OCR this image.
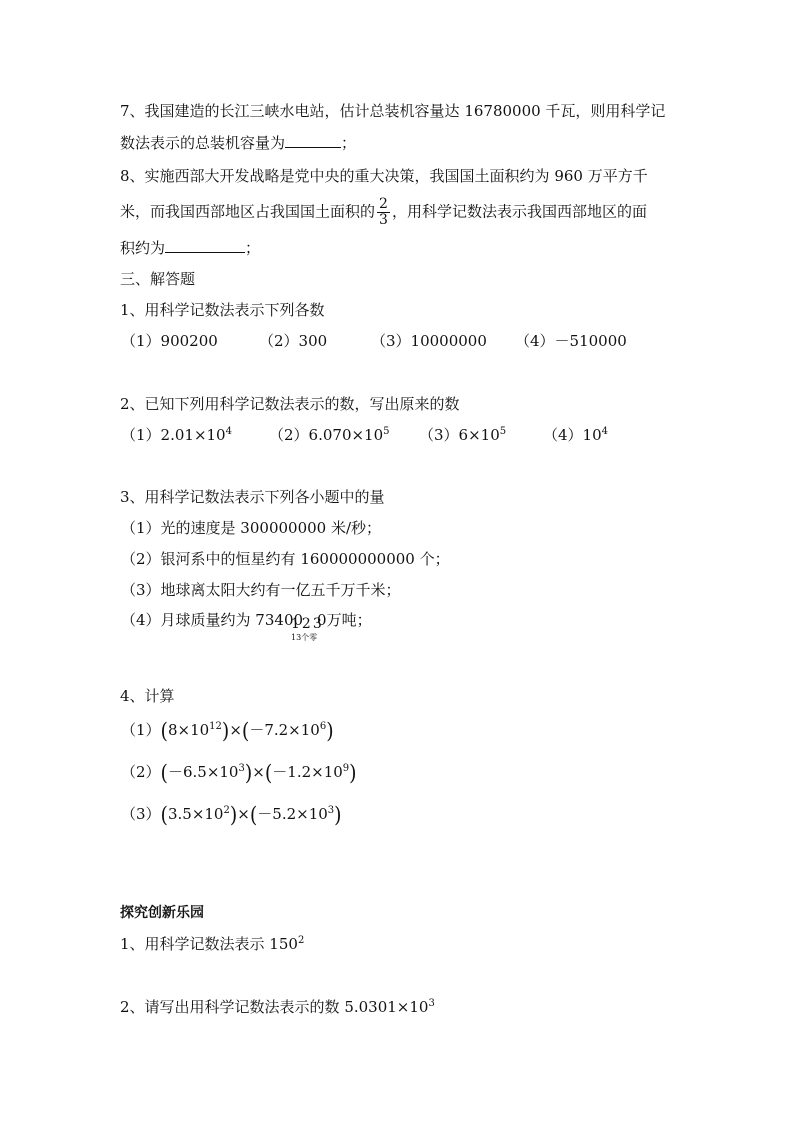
7、我国建造的长江三峡水电站，估计总装机容量达 16780000 千瓦，则用科学记
数法表示的总装机容量为	；
8、实施西部大开发战略是党中央的重大决策，我国国土面积约为 960 万平方千
米，而我国西部地区占我国国土面积的 $\frac{2}{3}$ ，用科学记数法表示我国西部地区的面
积约为	；
三、解答题
1、用科学记数法表示下列各数
（1）900200	（2）300	（3）10000000 （4）－510000
2、已知下列用科学记数法表示的数，写出原来的数
$(1)2.01\times 10^4$ $(2)6.070\times 10^5$ $(3)6\times 10^5$ $(4)10^4$
3、用科学记数法表示下列各小题中的量
（1）光的速度是 300000000 米/秒；
（2）银河系中的恒星约有 160000000000 个；
（3）地球离太阳大约有一亿五千万千米；
（4）月球质量约为 73400 0万吨；
123
13个零
4、计算
$(1)(8\times 10^{12})\times(-7.2\times 10^6)$
$(2)(-6.5\times 10^3)\times(-1.2\times 10^9)$
$(3)(3.5\times 10^2)\times(-5.2\times 10^3)$
探究创新乐园
1、用科学记数法表示 $150^2$
2、请写出用科学记数法表示的数 $5.0301\times 10^3$
